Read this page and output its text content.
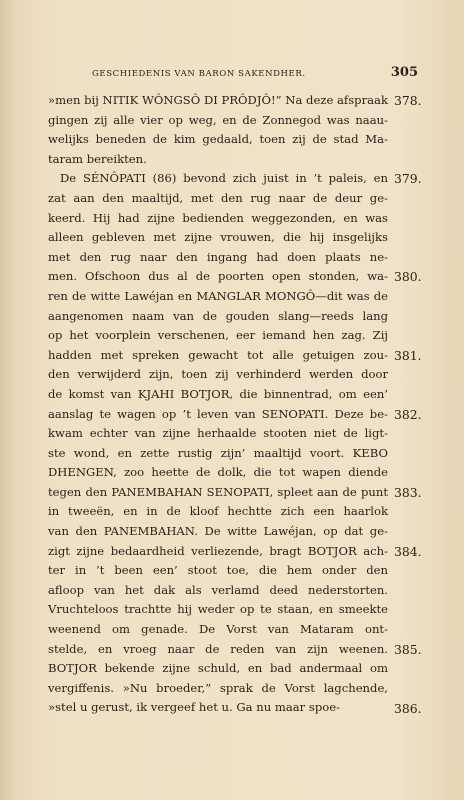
GESCHIEDENIS VAN BARON SAKENDHER.	305
»men bij NITIK WÔNGSÔ DI PRÔDJÔ!” Na deze afspraak
gingen zij alle vier op weg, en de Zonnegod was naau-
welijks beneden de kim gedaald, toen zij de stad Ma-
taram bereikten.
De SÉNÔPATI (86) bevond zich juist in ’t paleis, en
zat aan den maaltijd, met den rug naar de deur ge-
keerd. Hij had zijne bedienden weggezonden, en was
alleen gebleven met zijne vrouwen, die hij insgelijks
met den rug naar den ingang had doen plaats ne-
men. Ofschoon dus al de poorten open stonden, wa-
ren de witte Lawéjan en MANGLAR MONGÔ—dit was de
aangenomen naam van de gouden slang—reeds lang
op het voorplein verschenen, eer iemand hen zag. Zij
hadden met spreken gewacht tot alle getuigen zou-
den verwijderd zijn, toen zij verhinderd werden door
de komst van KJAHI BOTJOR, die binnentrad, om een’
aanslag te wagen op ’t leven van SENOPATI. Deze be-
kwam echter van zijne herhaalde stooten niet de ligt-
ste wond, en zette rustig zijn’ maaltijd voort. KEBO
DHENGEN, zoo heette de dolk, die tot wapen diende
tegen den PANEMBAHAN SENOPATI, spleet aan de punt
in tweeën, en in de kloof hechtte zich een haarlok
van den PANEMBAHAN. De witte Lawéjan, op dat ge-
zigt zijne bedaardheid verliezende, bragt BOTJOR ach-
ter in ’t been een’ stoot toe, die hem onder den
afloop van het dak als verlamd deed nederstorten.
Vruchteloos trachtte hij weder op te staan, en smeekte
weenend om genade. De Vorst van Mataram ont-
stelde, en vroeg naar de reden van zijn weenen.
BOTJOR bekende zijne schuld, en bad andermaal om
vergiffenis. »Nu broeder,” sprak de Vorst lagchende,
»stel u gerust, ik vergeef het u. Ga nu maar spoe-
378.
379.
380.
381.
382.
383.
384.
385.
386.
